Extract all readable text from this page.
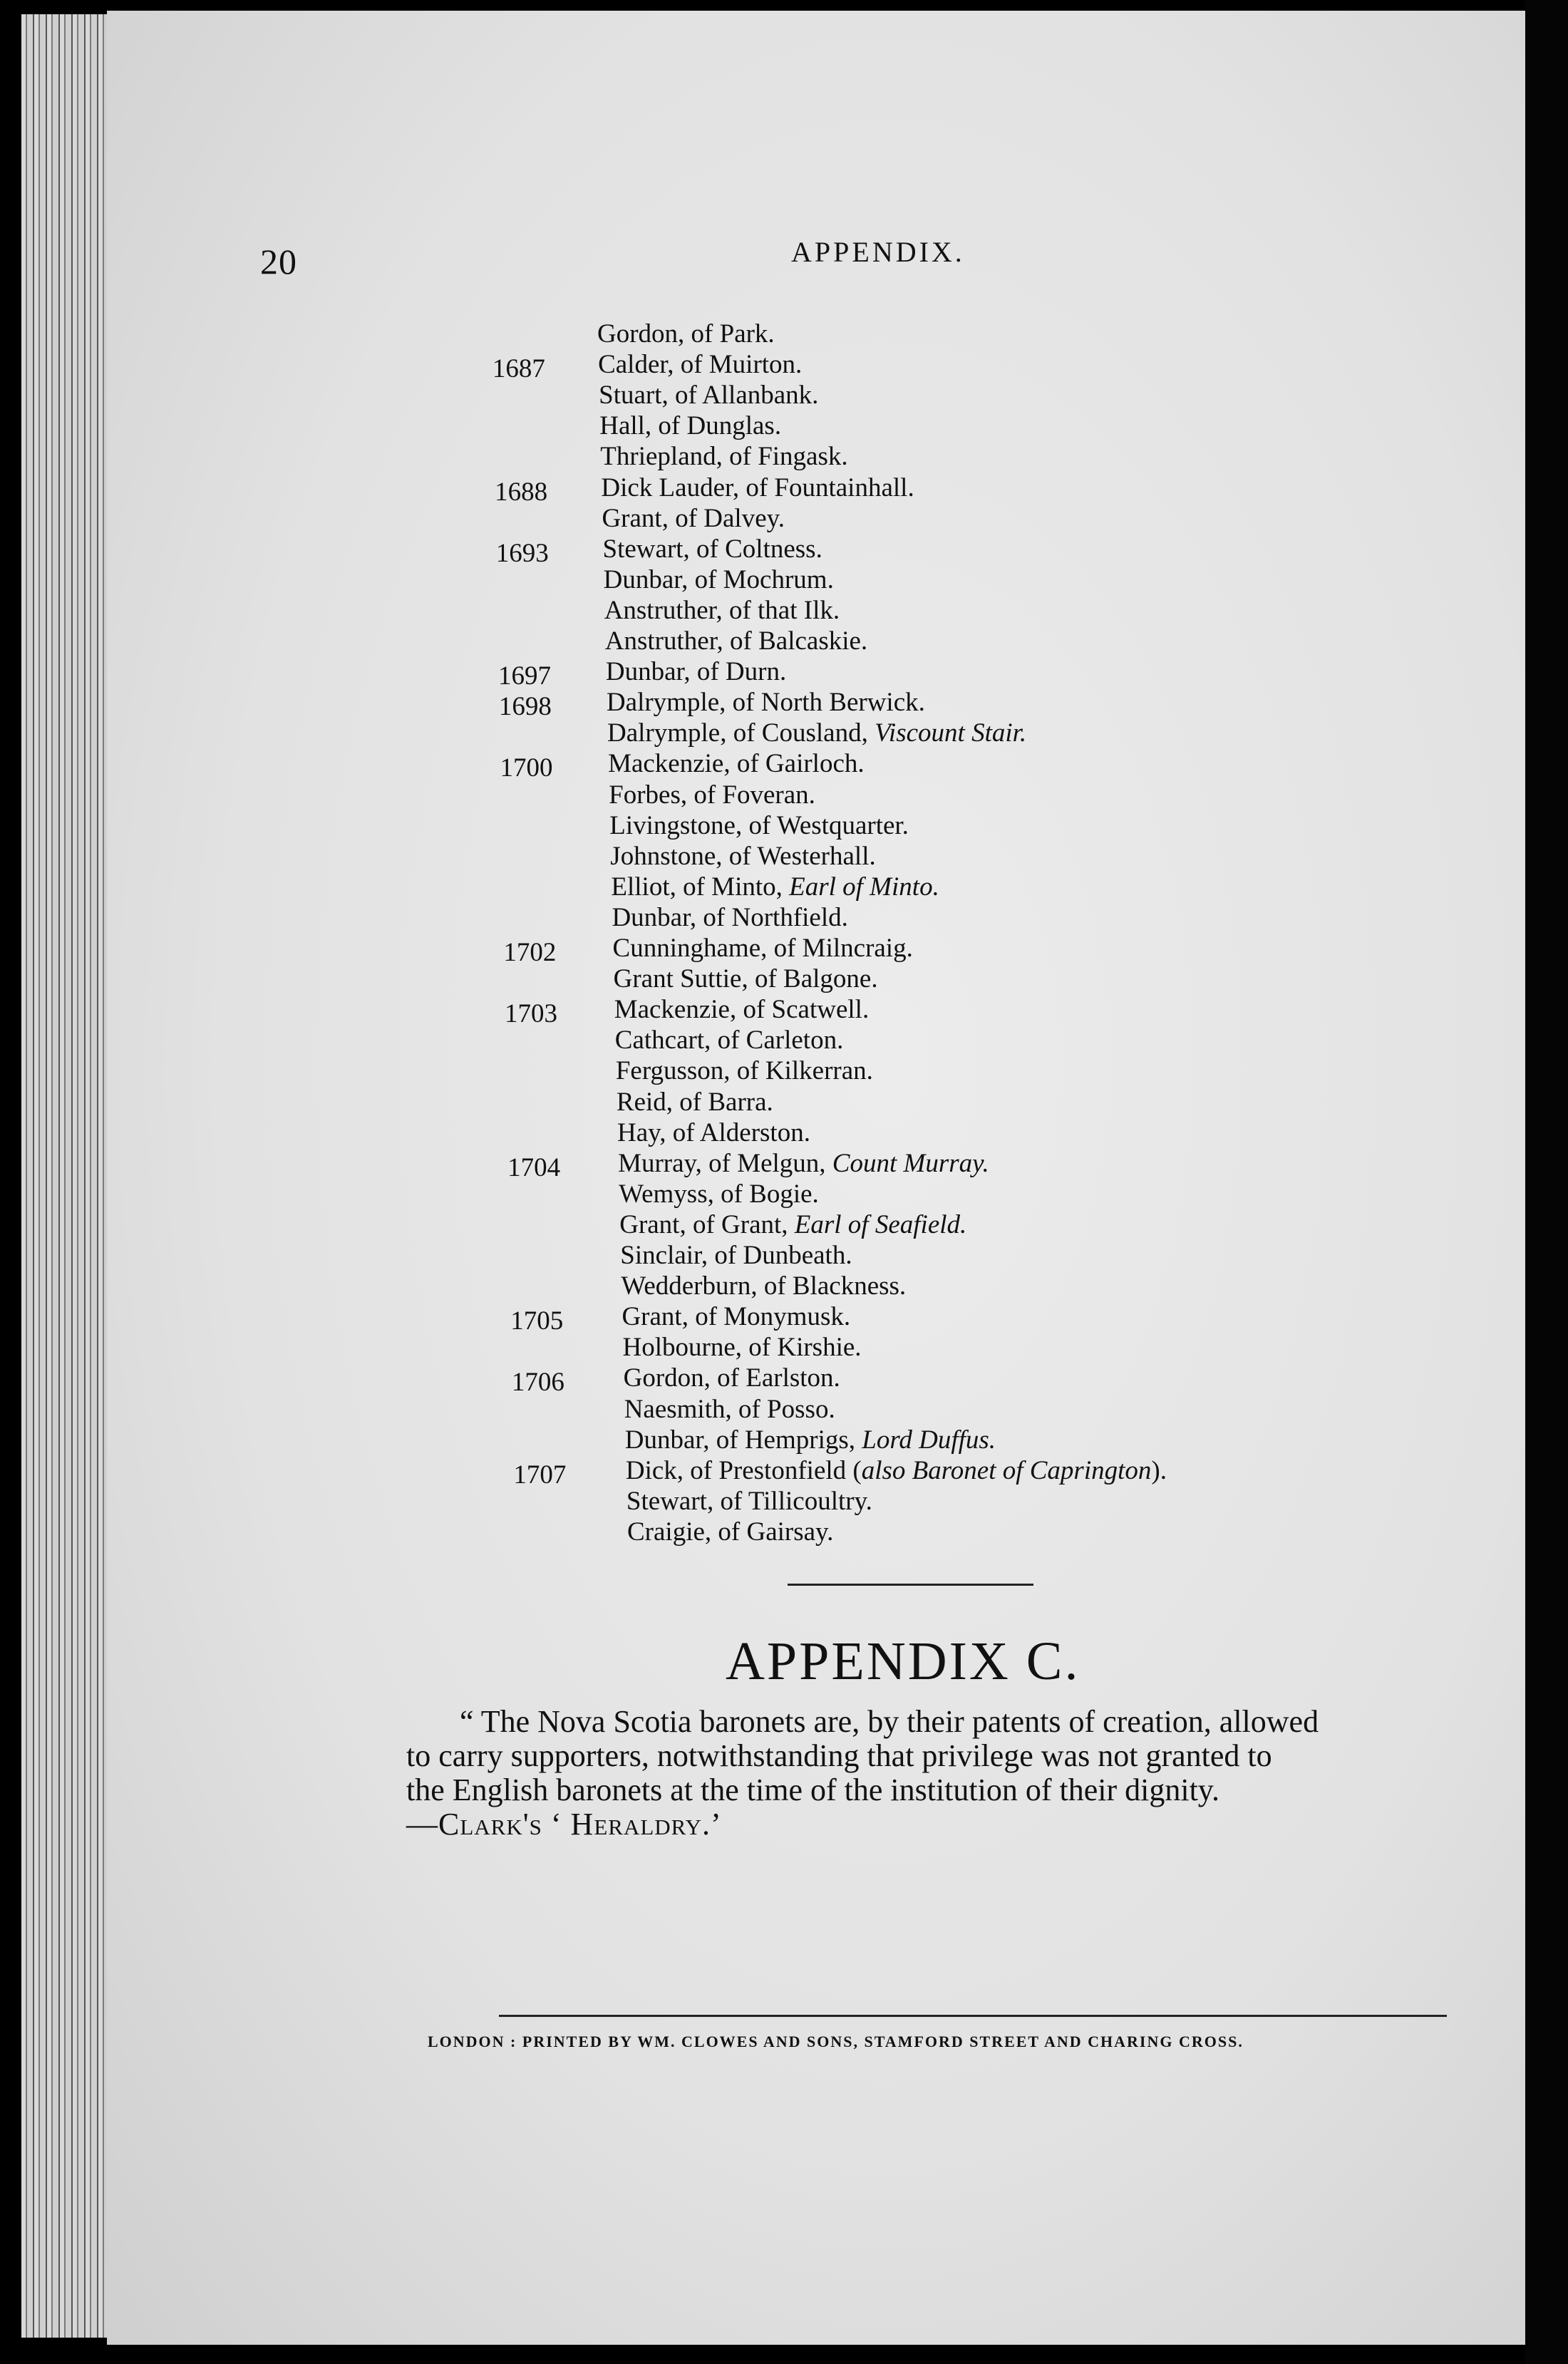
20	APPENDIX.
Gordon, of Park.
1687 Calder, of Muirton.
Stuart, of Allanbank.
Hall, of Dunglas.
Thriepland, of Fingask.
1688 Dick Lauder, of Fountainhall.
Grant, of Dalvey.
1693 Stewart, of Coltness.
Dunbar, of Mochrum.
Anstruther, of that Ilk.
Anstruther, of Balcaskie.
1697 Dunbar, of Durn.
1698 Dalrymple, of North Berwick.
Dalrymple, of Cousland, Viscount Stair.
1700 Mackenzie, of Gairloch.
Forbes, of Foveran.
Livingstone, of Westquarter.
Johnstone, of Westerhall.
Elliot, of Minto, Earl of Minto.
Dunbar, of Northfield.
1702 Cunninghame, of Milncraig.
Grant Suttie, of Balgone.
1703 Mackenzie, of Scatwell.
Cathcart, of Carleton.
Fergusson, of Kilkerran.
Reid, of Barra.
Hay, of Alderston.
1704 Murray, of Melgun, Count Murray.
Wemyss, of Bogie.
Grant, of Grant, Earl of Seafield.
Sinclair, of Dunbeath.
Wedderburn, of Blackness.
1705 Grant, of Monymusk.
Holbourne, of Kirshie.
1706 Gordon, of Earlston.
Naesmith, of Posso.
Dunbar, of Hemprigs, Lord Duffus.
1707 Dick, of Prestonfield (also Baronet of Caprington).
Stewart, of Tillicoultry.
Craigie, of Gairsay.
APPENDIX C.
“ The Nova Scotia baronets are, by their patents of creation, allowed
to carry supporters, notwithstanding that privilege was not granted to
the English baronets at the time of the institution of their dignity.
—Clark's ‘ Heraldry.’
LONDON : PRINTED BY WM. CLOWES AND SONS, STAMFORD STREET AND CHARING CROSS.
